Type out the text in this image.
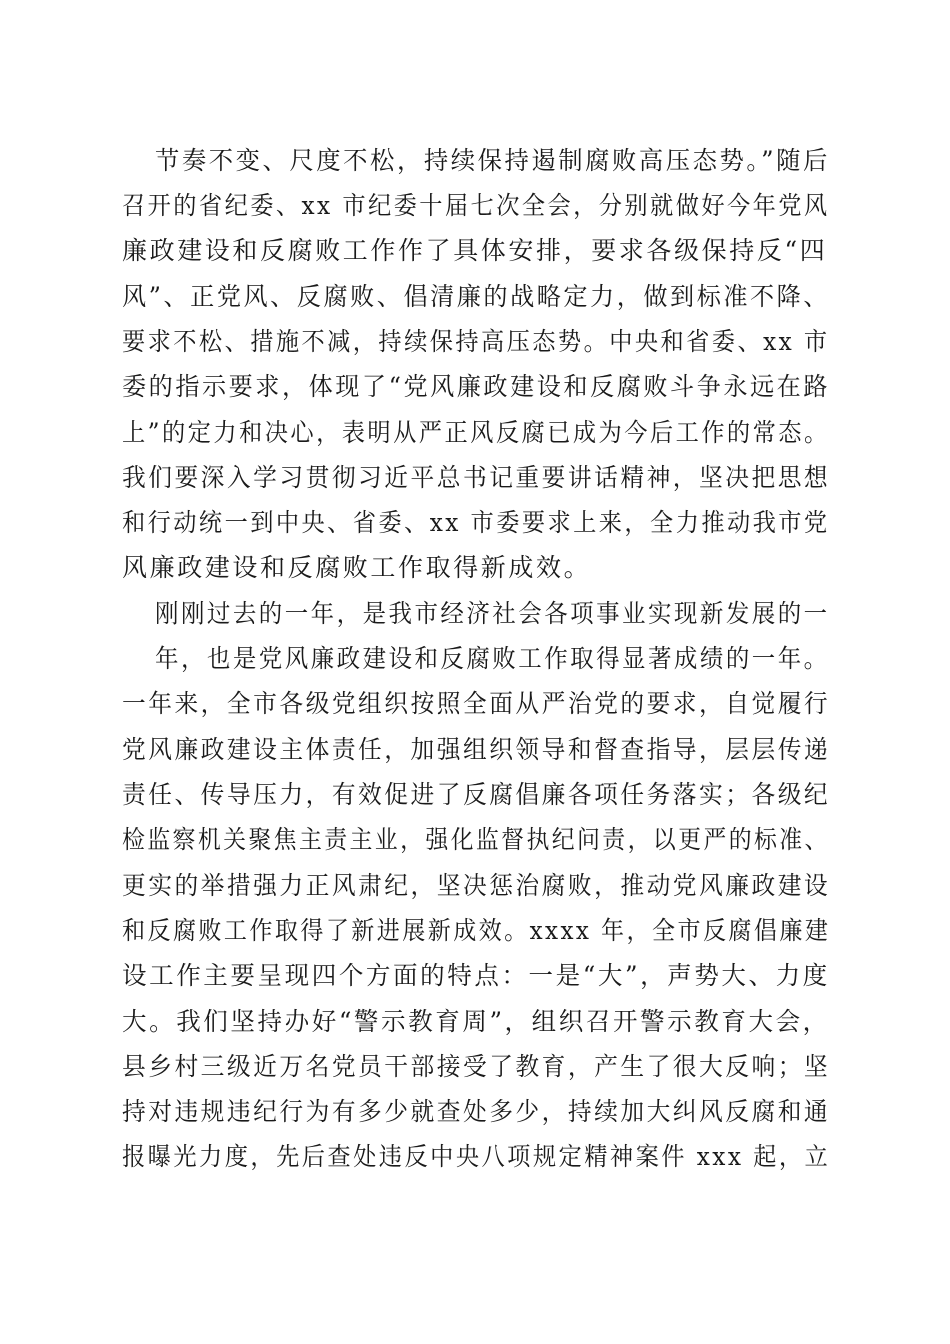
节奏不变、尺度不松，持续保持遏制腐败高压态势。”随后
召开的省纪委、xx 市纪委十届七次全会，分别就做好今年党风
廉政建设和反腐败工作作了具体安排，要求各级保持反“四
风”、正党风、反腐败、倡清廉的战略定力，做到标准不降、
要求不松、措施不减，持续保持高压态势。中央和省委、xx 市
委的指示要求，体现了“党风廉政建设和反腐败斗争永远在路
上”的定力和决心，表明从严正风反腐已成为今后工作的常态。
我们要深入学习贯彻习近平总书记重要讲话精神，坚决把思想
和行动统一到中央、省委、xx 市委要求上来，全力推动我市党
风廉政建设和反腐败工作取得新成效。
刚刚过去的一年，是我市经济社会各项事业实现新发展的一
年，也是党风廉政建设和反腐败工作取得显著成绩的一年。
一年来，全市各级党组织按照全面从严治党的要求，自觉履行
党风廉政建设主体责任，加强组织领导和督查指导，层层传递
责任、传导压力，有效促进了反腐倡廉各项任务落实；各级纪
检监察机关聚焦主责主业，强化监督执纪问责，以更严的标准、
更实的举措强力正风肃纪，坚决惩治腐败，推动党风廉政建设
和反腐败工作取得了新进展新成效。xxxx 年，全市反腐倡廉建
设工作主要呈现四个方面的特点：一是“大”，声势大、力度
大。我们坚持办好“警示教育周”，组织召开警示教育大会，
县乡村三级近万名党员干部接受了教育，产生了很大反响；坚
持对违规违纪行为有多少就查处多少，持续加大纠风反腐和通
报曝光力度，先后查处违反中央八项规定精神案件 xxx 起，立
